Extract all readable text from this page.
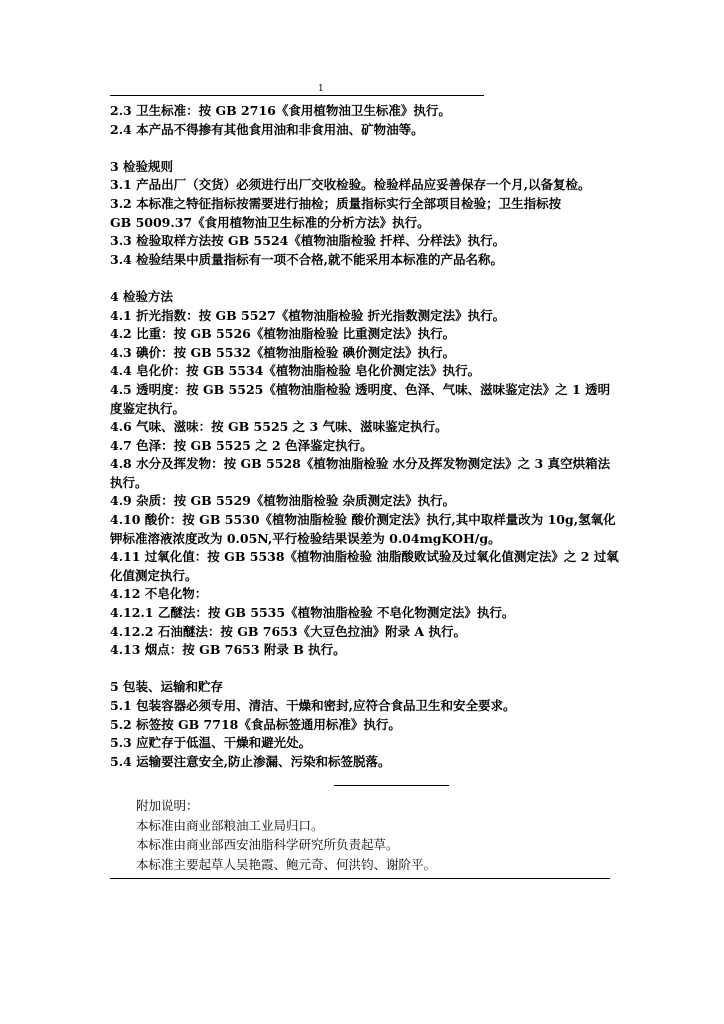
1
2.3 卫生标准：按 GB 2716《食用植物油卫生标准》执行。
2.4 本产品不得掺有其他食用油和非食用油、矿物油等。
3 检验规则
3.1 产品出厂（交货）必须进行出厂交收检验。检验样品应妥善保存一个月,以备复检。
3.2 本标准之特征指标按需要进行抽检；质量指标实行全部项目检验；卫生指标按
GB 5009.37《食用植物油卫生标准的分析方法》执行。
3.3 检验取样方法按 GB 5524《植物油脂检验 扦样、分样法》执行。
3.4 检验结果中质量指标有一项不合格,就不能采用本标准的产品名称。
4 检验方法
4.1 折光指数：按 GB 5527《植物油脂检验 折光指数测定法》执行。
4.2 比重：按 GB 5526《植物油脂检验 比重测定法》执行。
4.3 碘价：按 GB 5532《植物油脂检验 碘价测定法》执行。
4.4 皂化价：按 GB 5534《植物油脂检验 皂化价测定法》执行。
4.5 透明度：按 GB 5525《植物油脂检验 透明度、色泽、气味、滋味鉴定法》之 1 透明
度鉴定执行。
4.6 气味、滋味：按 GB 5525 之 3 气味、滋味鉴定执行。
4.7 色泽：按 GB 5525 之 2 色泽鉴定执行。
4.8 水分及挥发物：按 GB 5528《植物油脂检验 水分及挥发物测定法》之 3 真空烘箱法
执行。
4.9 杂质：按 GB 5529《植物油脂检验 杂质测定法》执行。
4.10 酸价：按 GB 5530《植物油脂检验 酸价测定法》执行,其中取样量改为 10g,氢氧化
钾标准溶液浓度改为 0.05N,平行检验结果误差为 0.04mgKOH/g。
4.11 过氧化值：按 GB 5538《植物油脂检验 油脂酸败试验及过氧化值测定法》之 2 过氧
化值测定执行。
4.12 不皂化物：
4.12.1 乙醚法：按 GB 5535《植物油脂检验 不皂化物测定法》执行。
4.12.2 石油醚法：按 GB 7653《大豆色拉油》附录 A 执行。
4.13 烟点：按 GB 7653 附录 B 执行。
5 包装、运输和贮存
5.1 包装容器必须专用、清洁、干燥和密封,应符合食品卫生和安全要求。
5.2 标签按 GB 7718《食品标签通用标准》执行。
5.3 应贮存于低温、干燥和避光处。
5.4 运输要注意安全,防止渗漏、污染和标签脱落。
附加说明：
本标准由商业部粮油工业局归口。
本标准由商业部西安油脂科学研究所负责起草。
本标准主要起草人吴艳霞、鲍元奇、何洪钧、谢阶平。
